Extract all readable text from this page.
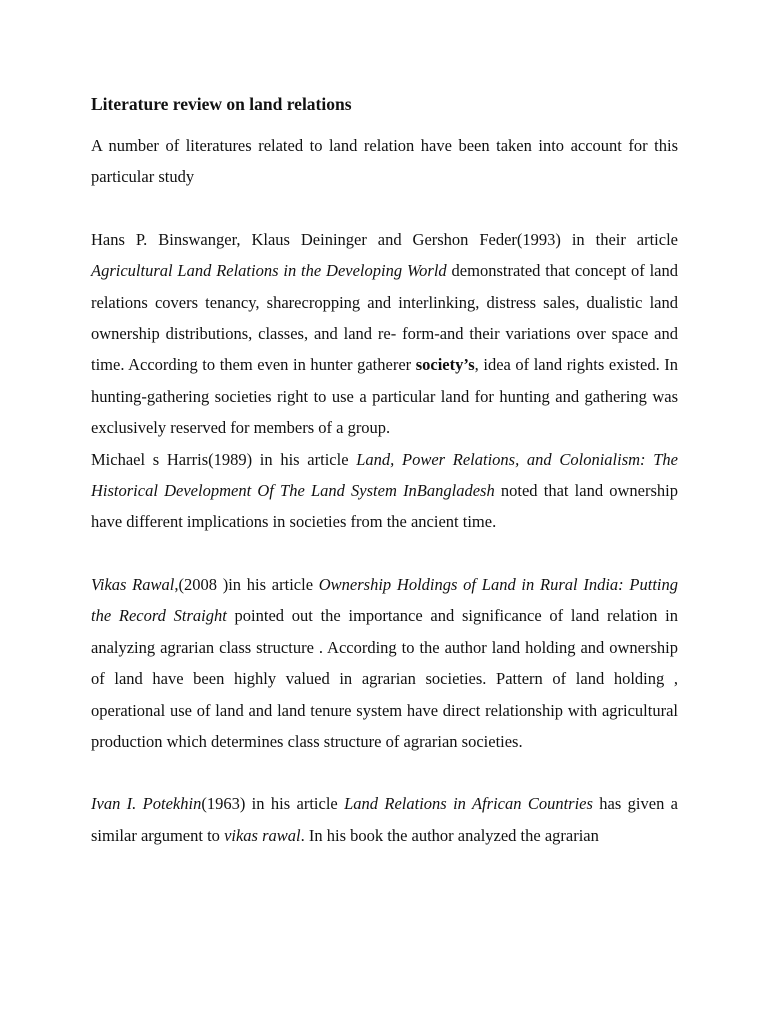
Literature review on land relations

A number of literatures related to land relation have been taken into account for this particular study

Hans P. Binswanger, Klaus Deininger and Gershon Feder(1993) in their article Agricultural Land Relations in the Developing World demonstrated that concept of land relations covers tenancy, sharecropping and interlinking, distress sales, dualistic land ownership distributions, classes, and land re- form-and their variations over space and time. According to them even in hunter gatherer society’s, idea of land rights existed. In hunting-gathering societies right to use a particular land for hunting and gathering was exclusively reserved for members of a group.

Michael s Harris(1989) in his article Land, Power Relations, and Colonialism: The Historical Development Of The Land System InBangladesh noted that land ownership have different implications in societies from the ancient time.

Vikas Rawal,(2008 )in his article Ownership Holdings of Land in Rural India: Putting the Record Straight pointed out the importance and significance of land relation in analyzing agrarian class structure . According to the author land holding and ownership of land have been highly valued in agrarian societies. Pattern of land holding , operational use of land and land tenure system have direct relationship with agricultural production which determines class structure of agrarian societies.

Ivan I. Potekhin(1963) in his article Land Relations in African Countries has given a similar argument to vikas rawal. In his book the author analyzed the agrarian
